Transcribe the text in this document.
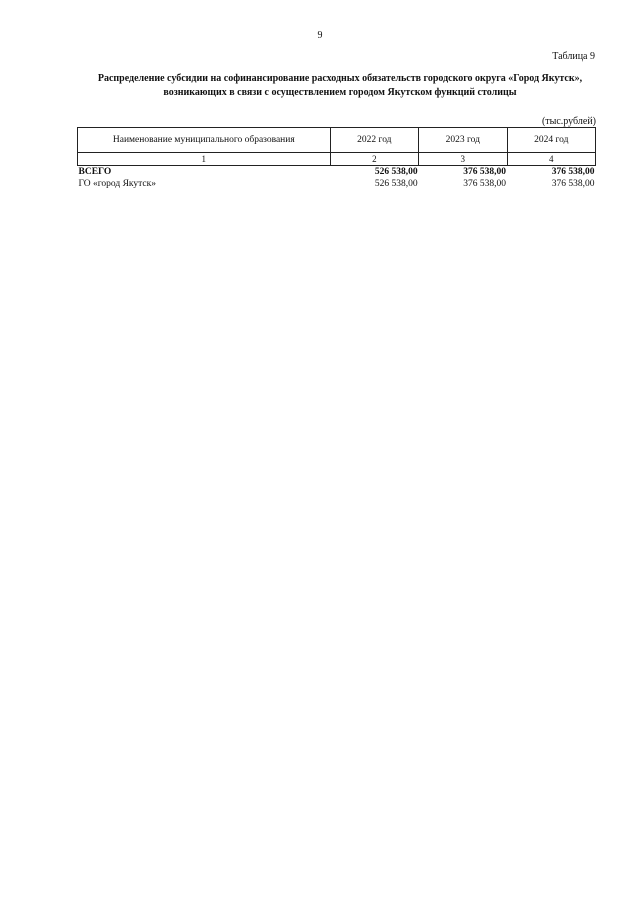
9
Таблица 9
Распределение субсидии на софинансирование расходных обязательств городского округа «Город Якутск»,
возникающих в связи с осуществлением городом Якутском функций столицы
(тыс.рублей)
Наименование муниципального образования	2022 год	2023 год	2024 год
1	2	3	4
ВСЕГО	526 538,00	376 538,00	376 538,00
ГО «город Якутск»	526 538,00	376 538,00	376 538,00
